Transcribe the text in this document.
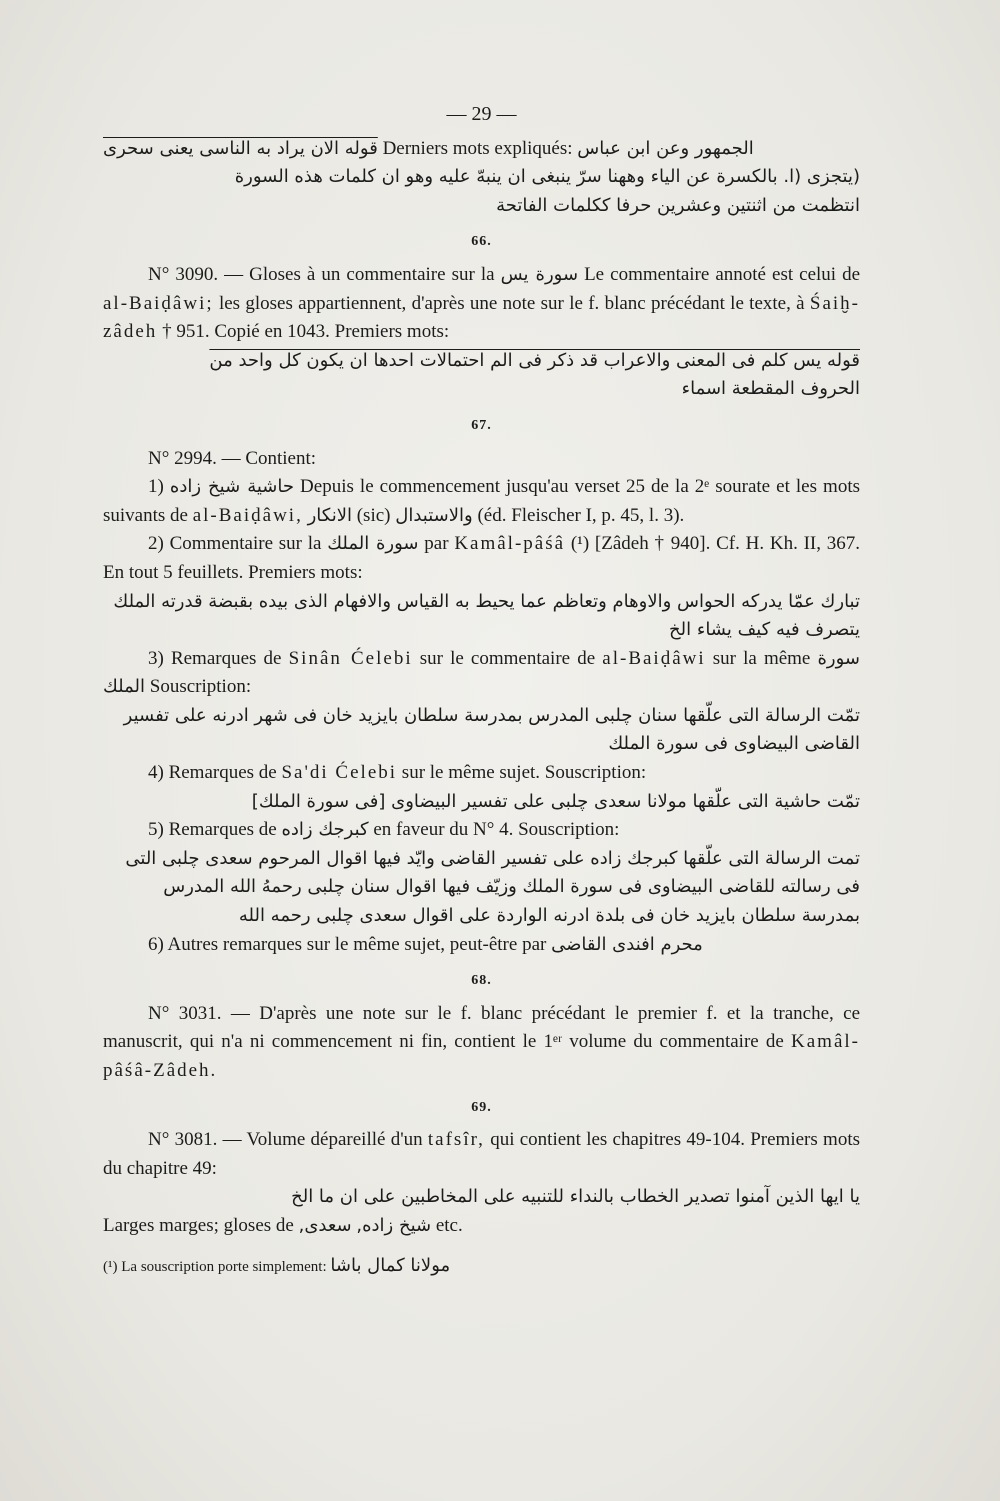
— 29 —
قوله الان يراد به الناسى يعنى سحرى Derniers mots expliqués: الجمهور وعن ابن عباس
(يتجزى (l. بالكسرة عن الياء وههنا سرّ ينبغى ان ينبهّ عليه وهو ان كلمات هذه السورة
انتظمت من اثنتين وعشرين حرفا ككلمات الفاتحة
66.
N° 3090. — Gloses à un commentaire sur la سورة يس Le commentaire annoté est celui de al-Baiḍâwi; les gloses appartiennent, d'après une note sur le f. blanc précédant le texte, à Śaiḫ-zâdeh † 951. Copié en 1043. Premiers mots:
قوله يس كلم فى المعنى والاعراب قد ذكر فى الم احتمالات احدها ان يكون كل واحد من
الحروف المقطعة اسماء
67.
N° 2994. — Contient:
1) حاشية شيخ زاده Depuis le commencement jusqu'au verset 25 de la 2ᵉ sourate et les mots suivants de al-Baiḍâwi, الانكار (sic) والاستبدال (éd. Fleischer I, p. 45, l. 3).
2) Commentaire sur la سورة الملك par Kamâl-pâśâ (¹) [Zâdeh † 940]. Cf. H. Kh. II, 367. En tout 5 feuillets. Premiers mots:
تبارك عمّا يدركه الحواس والاوهام وتعاظم عما يحيط به القياس والافهام الذى بيده بقبضة قدرته الملك يتصرف فيه كيف يشاء الخ
3) Remarques de Sinân Ćelebi sur le commentaire de al-Baiḍâwi sur la même سورة الملك Souscription:
تمّت الرسالة التى علّقها سنان چلبى المدرس بمدرسة سلطان بايزيد خان فى شهر ادرنه على تفسير القاضى البيضاوى فى سورة الملك
4) Remarques de Sa'di Ćelebi sur le même sujet. Souscription:
تمّت حاشية التى علّقها مولانا سعدى چلبى على تفسير البيضاوى [فى سورة الملك]
5) Remarques de كبرجك زاده en faveur du N° 4. Souscription:
تمت الرسالة التى علّقها كبرجك زاده على تفسير القاضى وايّد فيها اقوال المرحوم سعدى چلبى التى فى رسالته للقاضى البيضاوى فى سورة الملك وزيّف فيها اقوال سنان چلبى رحمهُ الله المدرس بمدرسة سلطان بايزيد خان فى بلدة ادرنه الواردة على اقوال سعدى چلبى رحمه الله
6) Autres remarques sur le même sujet, peut-être par محرم افندى القاضى
68.
N° 3031. — D'après une note sur le f. blanc précédant le premier f. et la tranche, ce manuscrit, qui n'a ni commencement ni fin, contient le 1ᵉʳ volume du commentaire de Kamâl-pâśâ-Zâdeh.
69.
N° 3081. — Volume dépareillé d'un tafsîr, qui contient les chapitres 49-104. Premiers mots du chapitre 49:
يا ايها الذين آمنوا تصدير الخطاب بالنداء للتنبيه على المخاطبين على ان ما الخ
Larges marges; gloses de سعدى, شيخ زاده, etc.
(¹) La souscription porte simplement: مولانا كمال باشا
